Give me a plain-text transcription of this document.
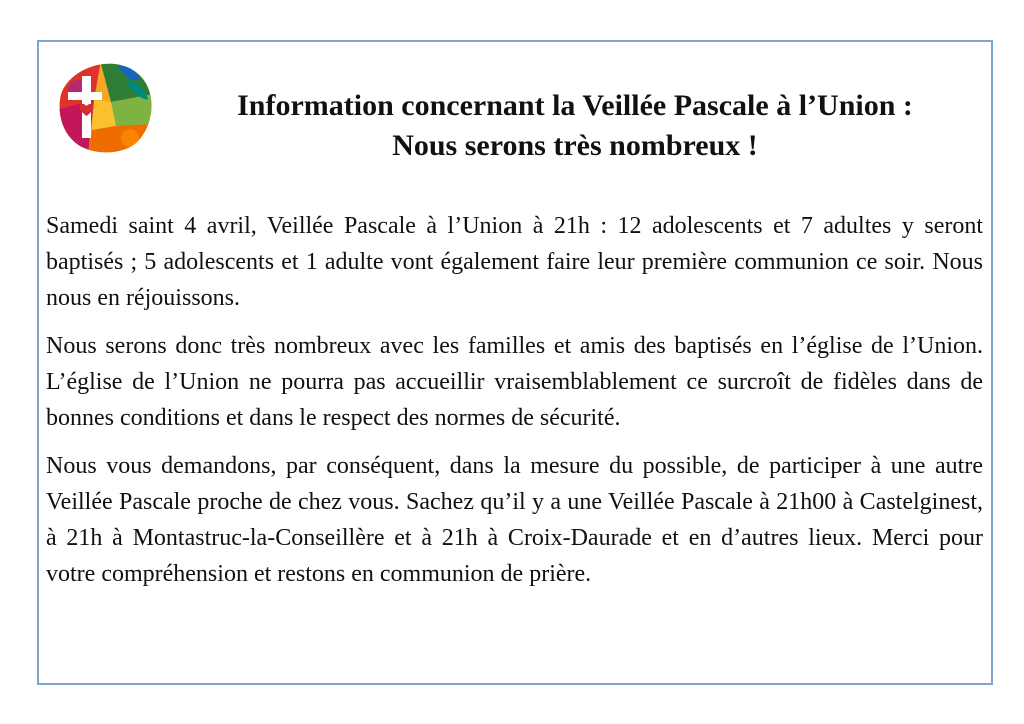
Information concernant la Veillée Pascale à l’Union :
Nous serons très nombreux !

Samedi saint 4 avril, Veillée Pascale à l’Union à 21h : 12 adolescents et 7 adultes y seront baptisés ; 5 adolescents et 1 adulte vont également faire leur première communion ce soir. Nous nous en réjouissons.

Nous serons donc très nombreux avec les familles et amis des baptisés en l’église de l’Union. L’église de l’Union ne pourra pas accueillir vraisemblablement ce surcroît de fidèles dans de bonnes conditions et dans le respect des normes de sécurité.

Nous vous demandons, par conséquent, dans la mesure du possible, de participer à une autre Veillée Pascale proche de chez vous. Sachez qu’il y a une Veillée Pascale à 21h00 à Castelginest, à 21h à Montastruc-la-Conseillère et à 21h à Croix-Daurade et en d’autres lieux. Merci pour votre compréhension et restons en communion de prière.
